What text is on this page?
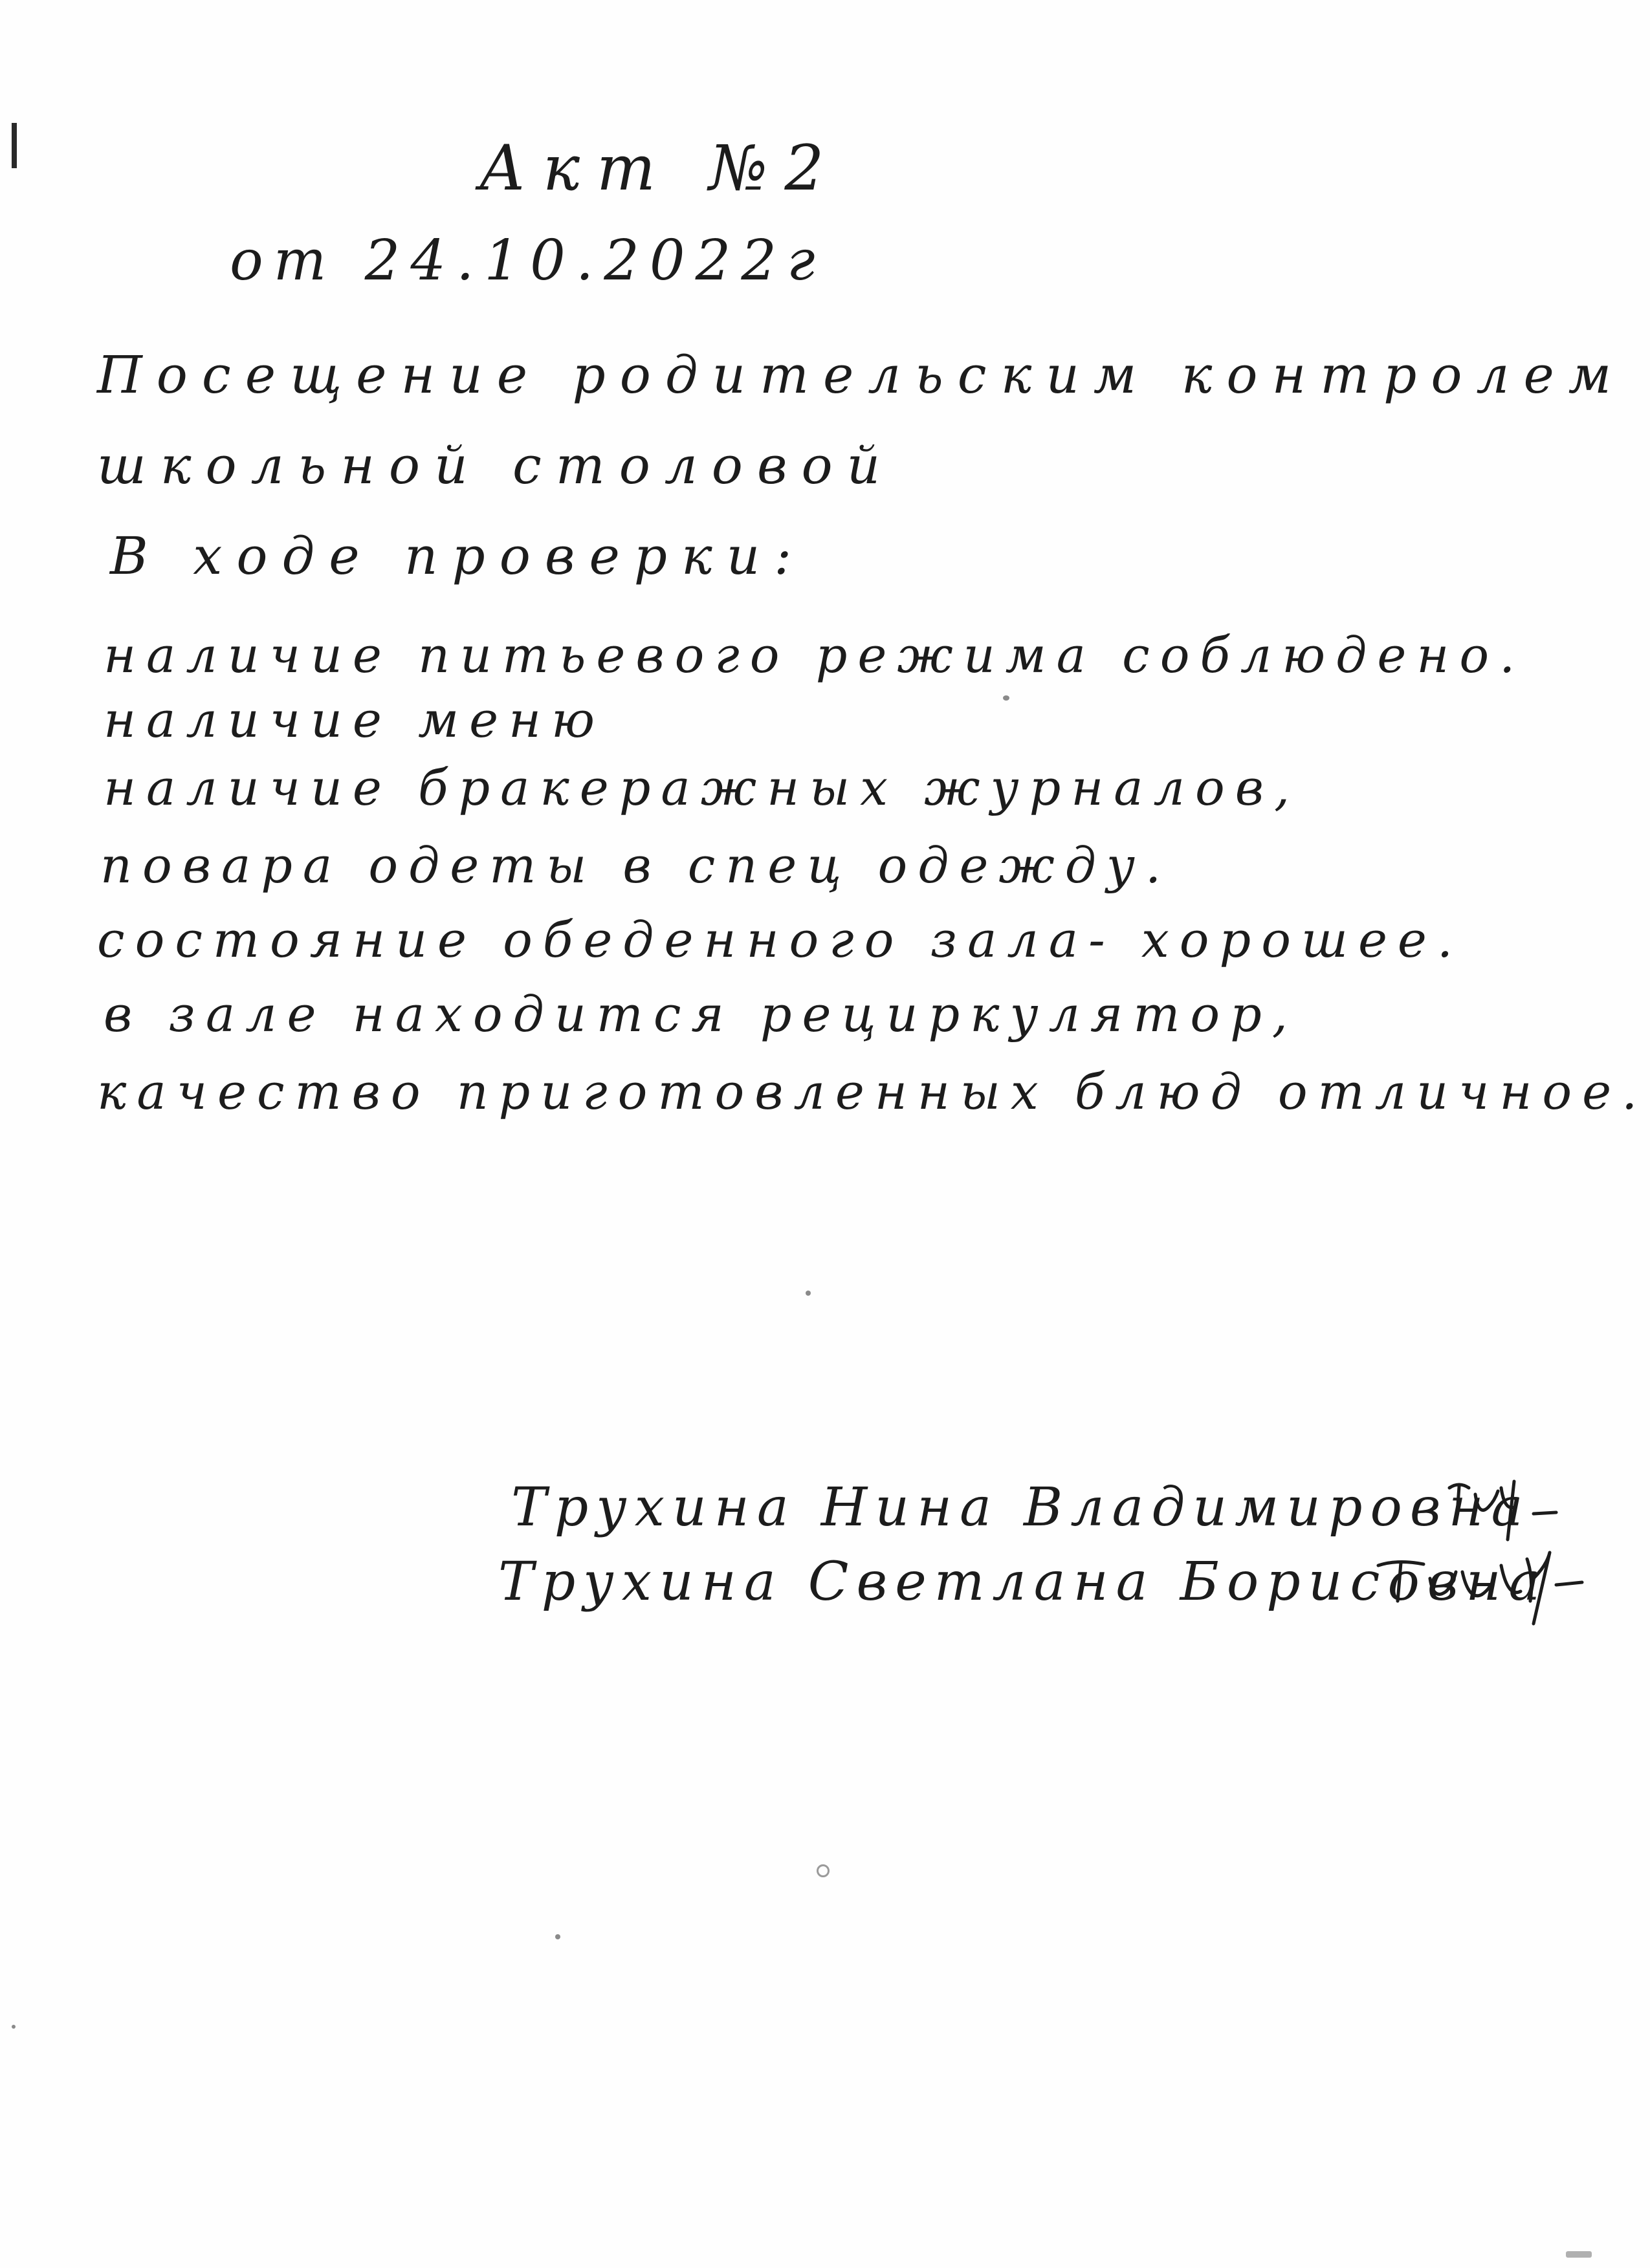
Акт №2
от 24.10.2022г
Посещение родительским контролем
школьной столовой
В ходе проверки:
наличие питьевого режима соблюдено.
наличие меню
наличие бракеражных журналов,
повара одеты в спец одежду.
состояние обеденного зала- хорошее.
в зале находится рециркулятор,
качество приготовленных блюд отличное.
Трухина Нина Владимировна
Трухина Светлана Борисовна
